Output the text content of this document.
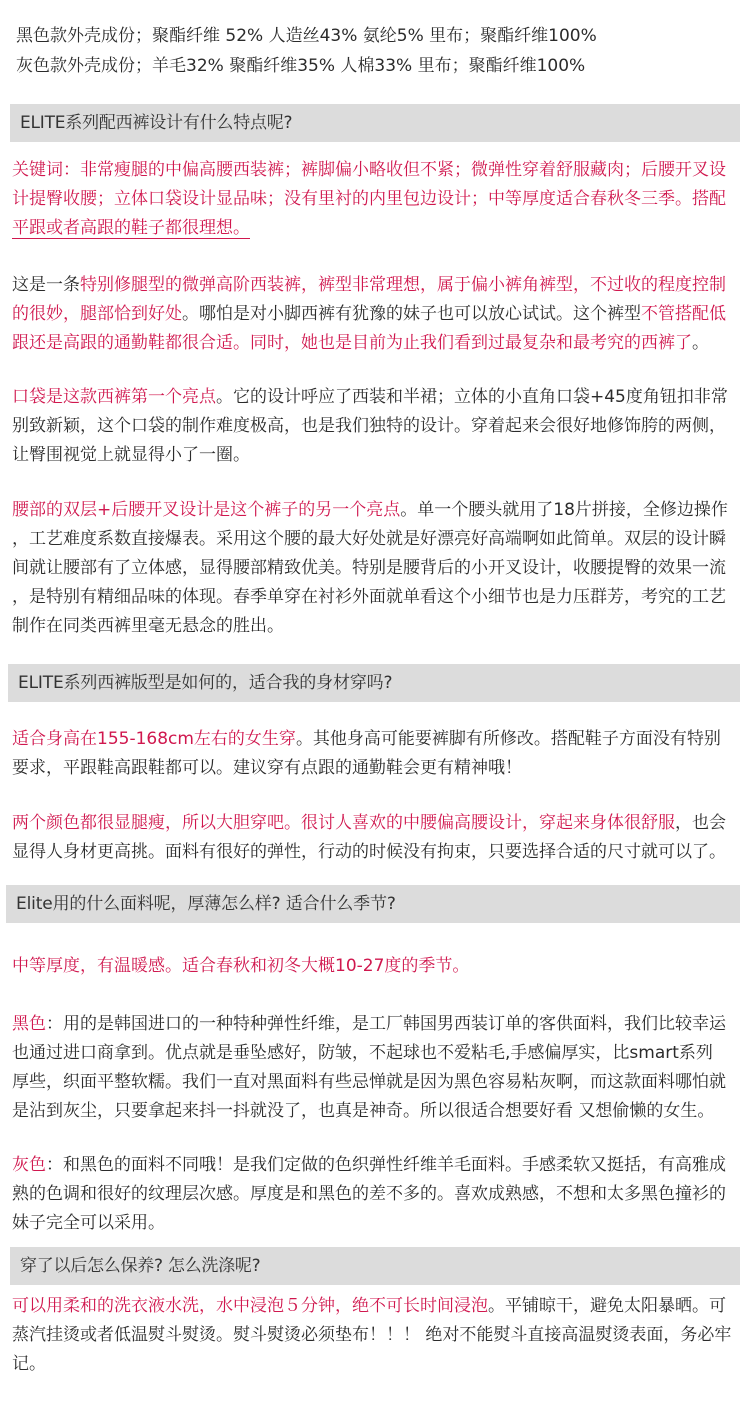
黑色款外壳成份；聚酯纤维 52% 人造丝43% 氨纶5% 里布；聚酯纤维100%
灰色款外壳成份；羊毛32% 聚酯纤维35% 人棉33% 里布；聚酯纤维100%
ELITE系列配西裤设计有什么特点呢?
关键词：非常瘦腿的中偏高腰西装裤；裤脚偏小略收但不紧；微弹性穿着舒服藏肉；后腰开叉设
计提臀收腰；立体口袋设计显品味；没有里衬的内里包边设计；中等厚度适合春秋冬三季。搭配
平跟或者高跟的鞋子都很理想。
这是一条特别修腿型的微弹高阶西装裤，裤型非常理想，属于偏小裤角裤型，不过收的程度控制
的很妙，腿部恰到好处。哪怕是对小脚西裤有犹豫的妹子也可以放心试试。这个裤型不管搭配低
跟还是高跟的通勤鞋都很合适。同时，她也是目前为止我们看到过最复杂和最考究的西裤了。
口袋是这款西裤第一个亮点。它的设计呼应了西装和半裙；立体的小直角口袋+45度角钮扣非常
别致新颖，这个口袋的制作难度极高，也是我们独特的设计。穿着起来会很好地修饰胯的两侧，
让臀围视觉上就显得小了一圈。
腰部的双层+后腰开叉设计是这个裤子的另一个亮点。单一个腰头就用了18片拼接，全修边操作
，工艺难度系数直接爆表。采用这个腰的最大好处就是好漂亮好高端啊如此简单。双层的设计瞬
间就让腰部有了立体感，显得腰部精致优美。特别是腰背后的小开叉设计，收腰提臀的效果一流
，是特别有精细品味的体现。春季单穿在衬衫外面就单看这个小细节也是力压群芳，考究的工艺
制作在同类西裤里毫无悬念的胜出。
ELITE系列西裤版型是如何的，适合我的身材穿吗?
适合身高在155-168cm左右的女生穿。其他身高可能要裤脚有所修改。搭配鞋子方面没有特别
要求，平跟鞋高跟鞋都可以。建议穿有点跟的通勤鞋会更有精神哦！
两个颜色都很显腿瘦，所以大胆穿吧。很讨人喜欢的中腰偏高腰设计，穿起来身体很舒服，也会
显得人身材更高挑。面料有很好的弹性，行动的时候没有拘束，只要选择合适的尺寸就可以了。
Elite用的什么面料呢，厚薄怎么样? 适合什么季节?
中等厚度，有温暖感。适合春秋和初冬大概10-27度的季节。
黑色：用的是韩国进口的一种特种弹性纤维，是工厂韩国男西装订单的客供面料，我们比较幸运
也通过进口商拿到。优点就是垂坠感好，防皱，不起球也不爱粘毛,手感偏厚实，比smart系列
厚些，织面平整软糯。我们一直对黑面料有些忌惮就是因为黑色容易粘灰啊，而这款面料哪怕就
是沾到灰尘，只要拿起来抖一抖就没了，也真是神奇。所以很适合想要好看 又想偷懒的女生。
灰色：和黑色的面料不同哦！是我们定做的色织弹性纤维羊毛面料。手感柔软又挺括，有高雅成
熟的色调和很好的纹理层次感。厚度是和黑色的差不多的。喜欢成熟感，不想和太多黑色撞衫的
妹子完全可以采用。
穿了以后怎么保养? 怎么洗涤呢?
可以用柔和的洗衣液水洗，水中浸泡５分钟，绝不可长时间浸泡。平铺晾干，避免太阳暴晒。可
蒸汽挂烫或者低温熨斗熨烫。熨斗熨烫必须垫布！！！ 绝对不能熨斗直接高温熨烫表面，务必牢
记。
